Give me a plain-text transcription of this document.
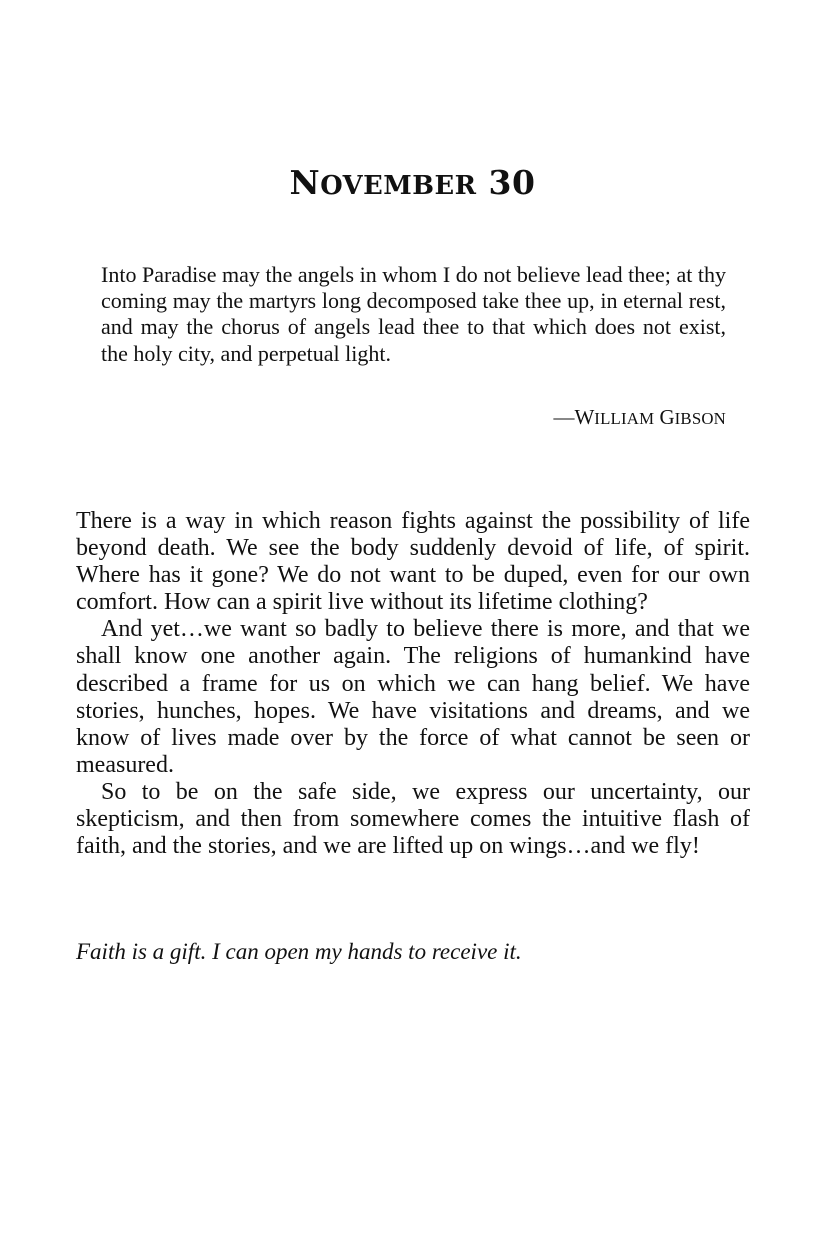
NOVEMBER 30

Into Paradise may the angels in whom I do not believe lead thee; at thy coming may the martyrs long decomposed take thee up, in eternal rest, and may the chorus of angels lead thee to that which does not exist, the holy city, and perpetual light.

—WILLIAM GIBSON

There is a way in which reason fights against the possibility of life beyond death. We see the body suddenly devoid of life, of spirit. Where has it gone? We do not want to be duped, even for our own comfort. How can a spirit live without its lifetime clothing?

And yet…we want so badly to believe there is more, and that we shall know one another again. The religions of humankind have described a frame for us on which we can hang belief. We have stories, hunches, hopes. We have visitations and dreams, and we know of lives made over by the force of what cannot be seen or measured.

So to be on the safe side, we express our uncertainty, our skepticism, and then from somewhere comes the intuitive flash of faith, and the stories, and we are lifted up on wings…and we fly!

Faith is a gift. I can open my hands to receive it.
